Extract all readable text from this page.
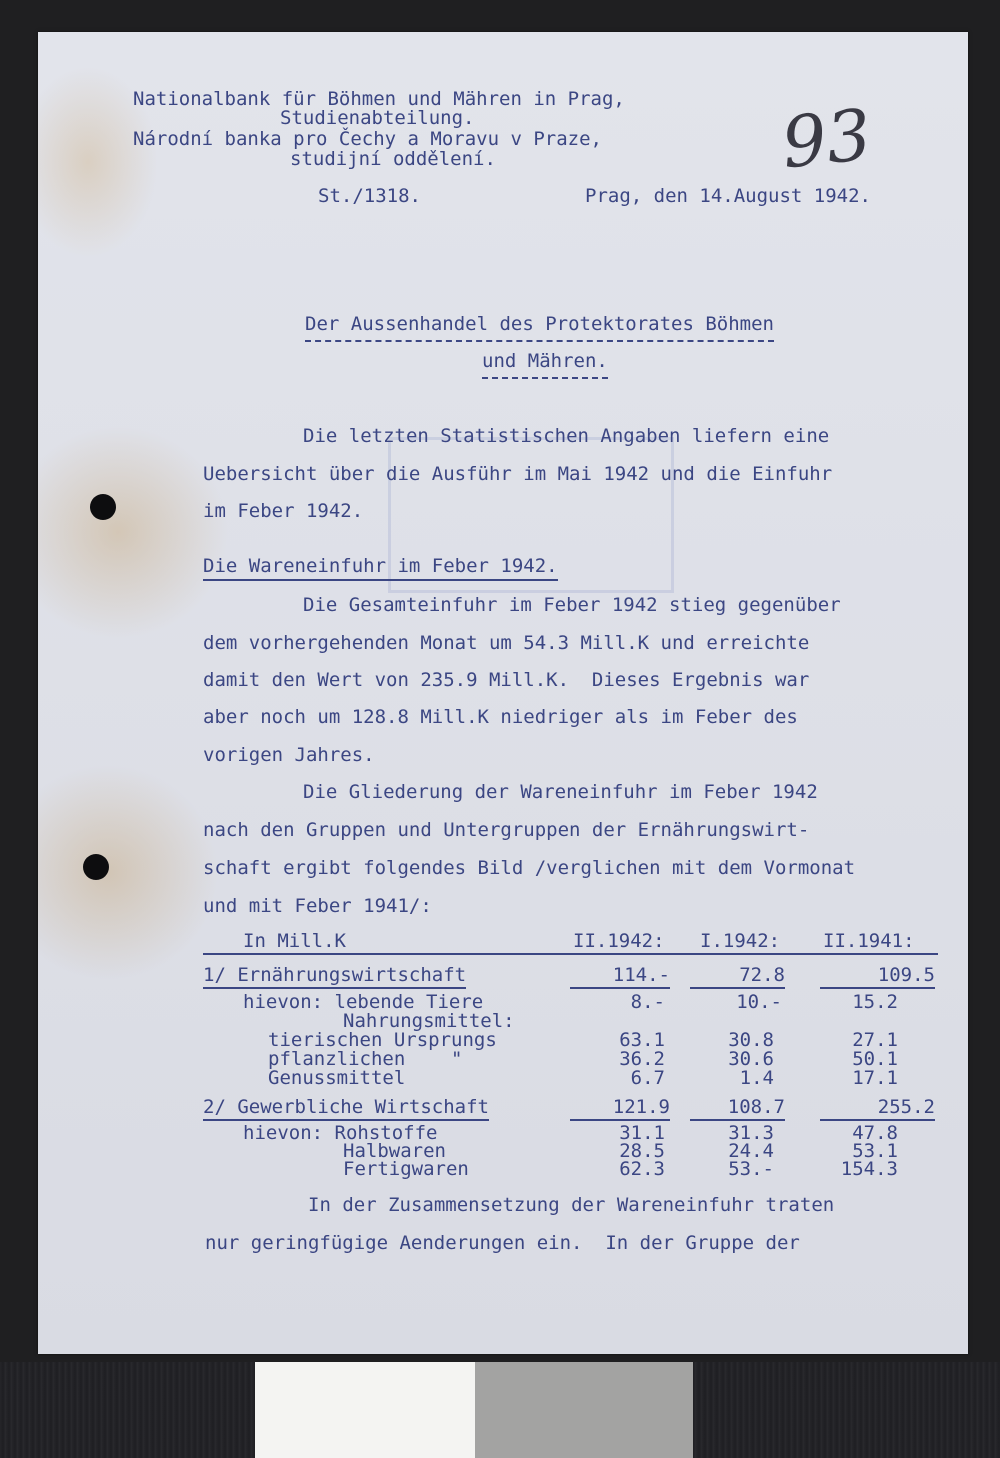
Nationalbank für Böhmen und Mähren in Prag,
Studienabteilung.
Národní banka pro Čechy a Moravu v Praze,
studijní oddělení.
St./1318.	Prag, den 14.August 1942.
93
Der Aussenhandel des Protektorates Böhmen
und Mähren.
Die letzten Statistischen Angaben liefern eine
Uebersicht über die Ausführ im Mai 1942 und die Einfuhr
im Feber 1942.
Die Wareneinfuhr im Feber 1942.
Die Gesamteinfuhr im Feber 1942 stieg gegenüber
dem vorhergehenden Monat um 54.3 Mill.K und erreichte
damit den Wert von 235.9 Mill.K.  Dieses Ergebnis war
aber noch um 128.8 Mill.K niedriger als im Feber des
vorigen Jahres.
Die Gliederung der Wareneinfuhr im Feber 1942
nach den Gruppen und Untergruppen der Ernährungswirt-
schaft ergibt folgendes Bild /verglichen mit dem Vormonat
und mit Feber 1941/:
In Mill.K	II.1942: I.1942: II.1941:
1/ Ernährungswirtschaft	114.-	72.8	109.5
hievon: lebende Tiere	8.-	10.-	15.2
Nahrungsmittel:
tierischen Ursprungs	63.1	30.8	27.1
pflanzlichen    "	36.2	30.6	50.1
Genussmittel	6.7	1.4	17.1
2/ Gewerbliche Wirtschaft	121.9	108.7	255.2
hievon: Rohstoffe	31.1	31.3	47.8
Halbwaren	28.5	24.4	53.1
Fertigwaren	62.3	53.-	154.3
In der Zusammensetzung der Wareneinfuhr traten
nur geringfügige Aenderungen ein.  In der Gruppe der
